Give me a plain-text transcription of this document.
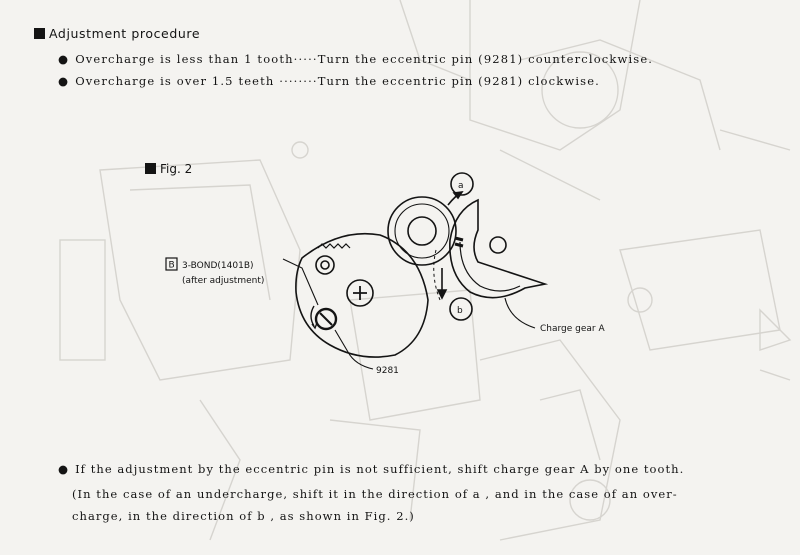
Adjustment procedure
● Overcharge is less than 1 tooth·····Turn the eccentric pin (9281) counterclockwise.
● Overcharge is over 1.5 teeth ········Turn the eccentric pin (9281) clockwise.
Fig. 2
a
b
B 3-BOND(1401B)
(after adjustment)
9281
Charge gear A
● If the adjustment by the eccentric pin is not sufficient, shift charge gear A by one tooth.
(In the case of an undercharge, shift it in the direction of a , and in the case of an over-
charge, in the direction of b , as shown in Fig. 2.)
